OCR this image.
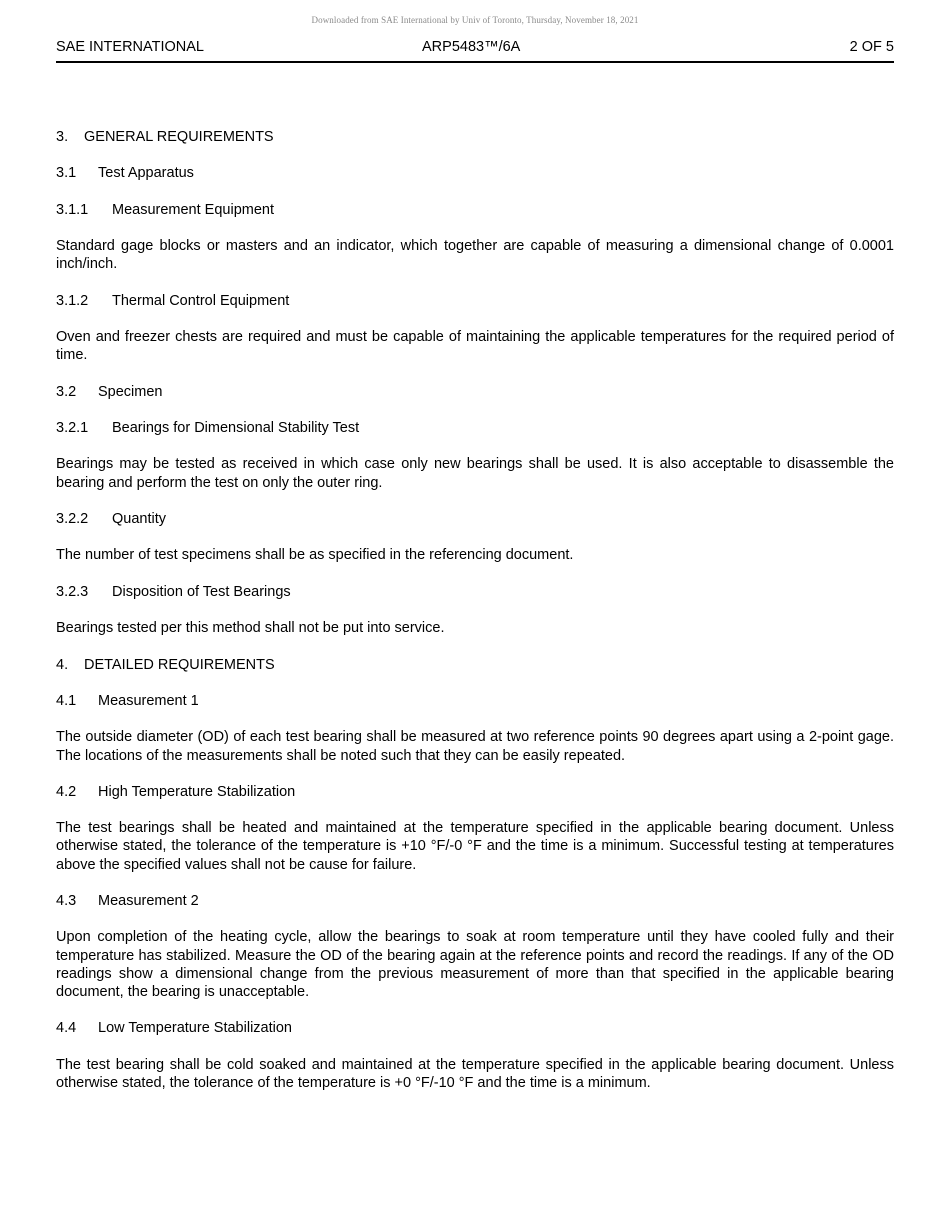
Downloaded from SAE International by Univ of Toronto, Thursday, November 18, 2021
SAE INTERNATIONAL	ARP5483™/6A	2 OF 5
3. GENERAL REQUIREMENTS
3.1 Test Apparatus
3.1.1 Measurement Equipment

Standard gage blocks or masters and an indicator, which together are capable of measuring a dimensional change of 0.0001 inch/inch.

3.1.2 Thermal Control Equipment

Oven and freezer chests are required and must be capable of maintaining the applicable temperatures for the required period of time.

3.2 Specimen
3.2.1 Bearings for Dimensional Stability Test

Bearings may be tested as received in which case only new bearings shall be used. It is also acceptable to disassemble the bearing and perform the test on only the outer ring.

3.2.2 Quantity

The number of test specimens shall be as specified in the referencing document.

3.2.3 Disposition of Test Bearings

Bearings tested per this method shall not be put into service.

4. DETAILED REQUIREMENTS
4.1 Measurement 1

The outside diameter (OD) of each test bearing shall be measured at two reference points 90 degrees apart using a 2-point gage. The locations of the measurements shall be noted such that they can be easily repeated.

4.2 High Temperature Stabilization

The test bearings shall be heated and maintained at the temperature specified in the applicable bearing document. Unless otherwise stated, the tolerance of the temperature is +10 °F/-0 °F and the time is a minimum. Successful testing at temperatures above the specified values shall not be cause for failure.

4.3 Measurement 2

Upon completion of the heating cycle, allow the bearings to soak at room temperature until they have cooled fully and their temperature has stabilized. Measure the OD of the bearing again at the reference points and record the readings. If any of the OD readings show a dimensional change from the previous measurement of more than that specified in the applicable bearing document, the bearing is unacceptable.

4.4 Low Temperature Stabilization

The test bearing shall be cold soaked and maintained at the temperature specified in the applicable bearing document. Unless otherwise stated, the tolerance of the temperature is +0 °F/-10 °F and the time is a minimum.
